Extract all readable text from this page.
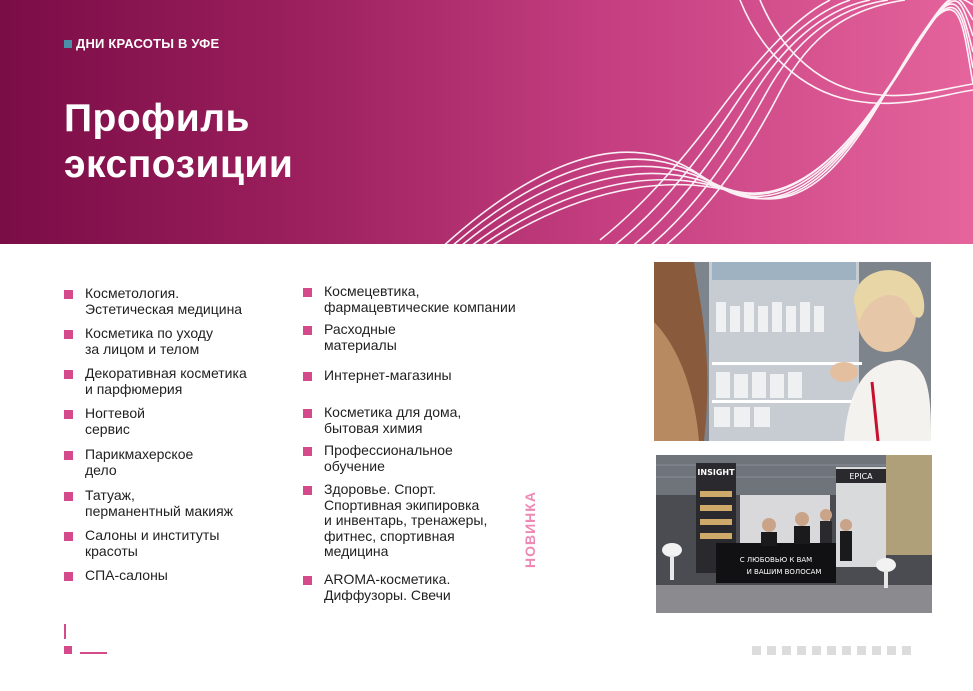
ДНИ КРАСОТЫ В УФЕ
Профиль
экспозиции
Косметология.
Эстетическая медицина
Косметика по уходу
за лицом и телом
Декоративная косметика
и парфюмерия
Ногтевой
сервис
Парикмахерское
дело
Татуаж,
перманентный макияж
Салоны и институты
красоты
СПА-салоны
Космецевтика,
фармацевтические компании
Расходные
материалы
Интернет-магазины
Косметика для дома,
бытовая химия
Профессиональное
обучение
Здоровье. Спорт.
Спортивная экипировка
и инвентарь, тренажеры,
фитнес, спортивная
медицина
AROMA-косметика.
Диффузоры. Свечи
НОВИНКА
INSIGHT	EPICA
С ЛЮБОВЬЮ К ВАМ
И ВАШИМ ВОЛОСАМ
